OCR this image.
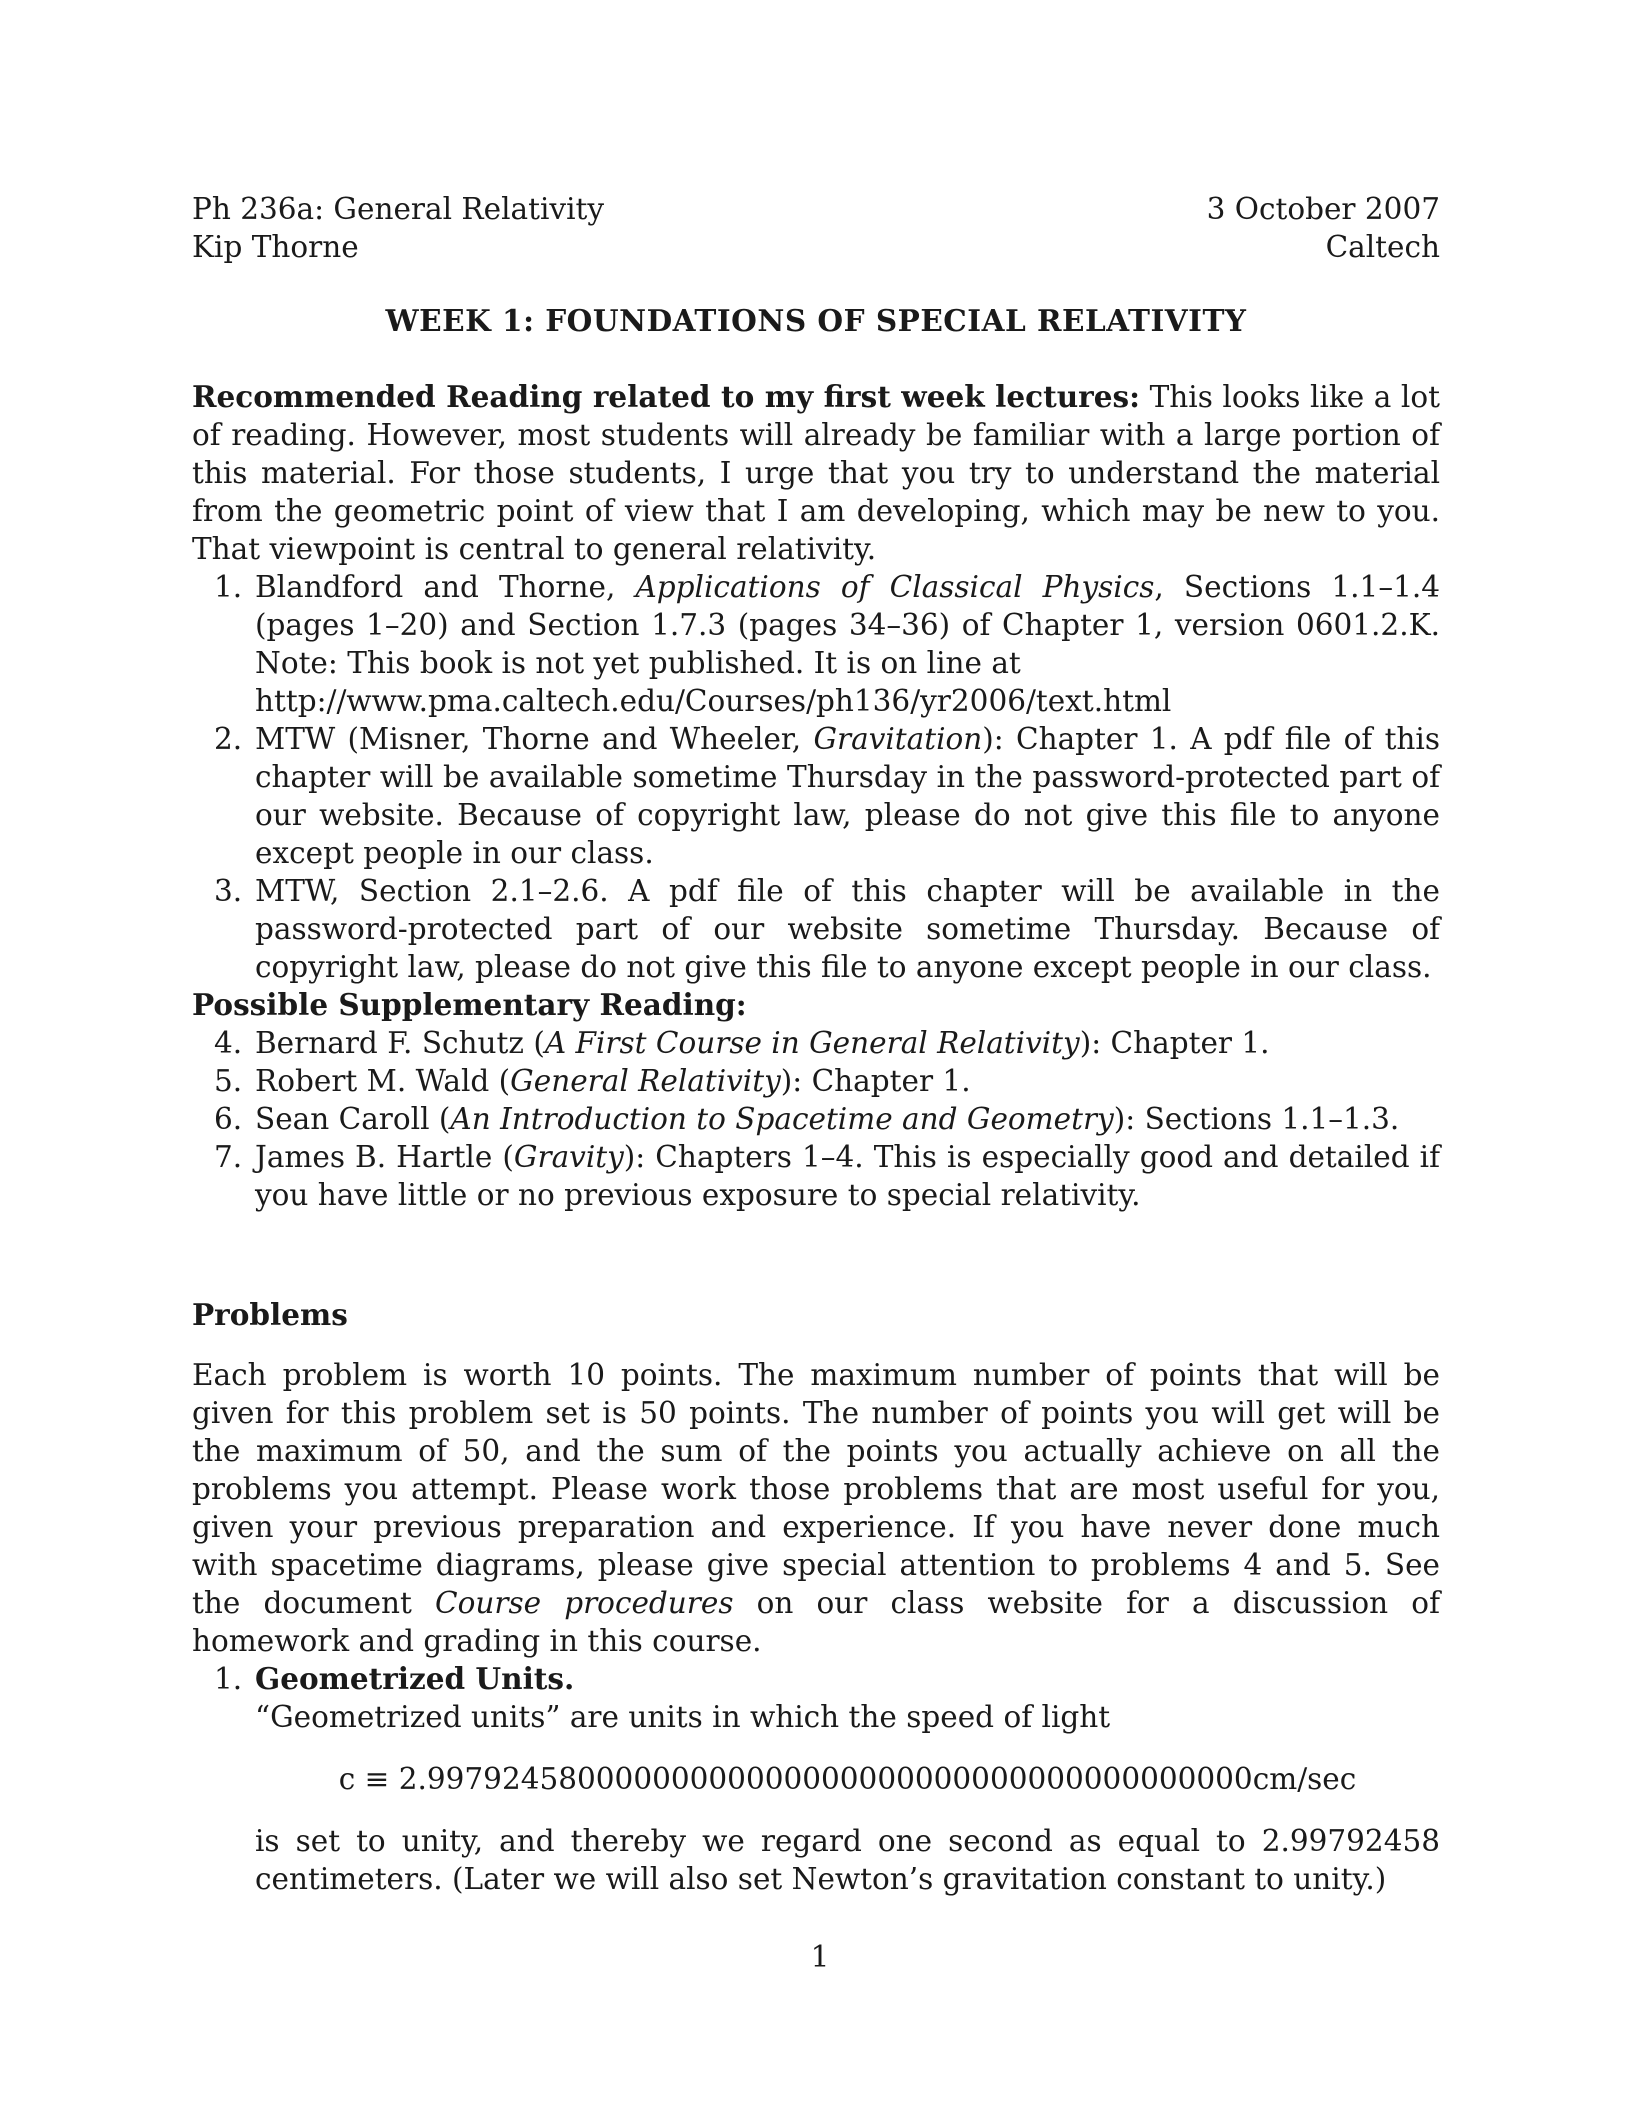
Ph 236a: General Relativity
Kip Thorne
3 October 2007
Caltech
WEEK 1: FOUNDATIONS OF SPECIAL RELATIVITY
Recommended Reading related to my first week lectures: This looks like a lot of reading. However, most students will already be familiar with a large portion of this material. For those students, I urge that you try to understand the material from the geometric point of view that I am developing, which may be new to you. That viewpoint is central to general relativity.
1. Blandford and Thorne, Applications of Classical Physics, Sections 1.1–1.4 (pages 1–20) and Section 1.7.3 (pages 34–36) of Chapter 1, version 0601.2.K. Note: This book is not yet published. It is on line at
http://www.pma.caltech.edu/Courses/ph136/yr2006/text.html
2. MTW (Misner, Thorne and Wheeler, Gravitation): Chapter 1. A pdf file of this chapter will be available sometime Thursday in the password-protected part of our website. Because of copyright law, please do not give this file to anyone except people in our class.
3. MTW, Section 2.1–2.6. A pdf file of this chapter will be available in the password-protected part of our website sometime Thursday. Because of copyright law, please do not give this file to anyone except people in our class.
Possible Supplementary Reading:
4. Bernard F. Schutz (A First Course in General Relativity): Chapter 1.
5. Robert M. Wald (General Relativity): Chapter 1.
6. Sean Caroll (An Introduction to Spacetime and Geometry): Sections 1.1–1.3.
7. James B. Hartle (Gravity): Chapters 1–4. This is especially good and detailed if you have little or no previous exposure to special relativity.
Problems
Each problem is worth 10 points. The maximum number of points that will be given for this problem set is 50 points. The number of points you will get will be the maximum of 50, and the sum of the points you actually achieve on all the problems you attempt. Please work those problems that are most useful for you, given your previous preparation and experience. If you have never done much with spacetime diagrams, please give special attention to problems 4 and 5. See the document Course procedures on our class website for a discussion of homework and grading in this course.
1. Geometrized Units.
“Geometrized units” are units in which the speed of light
c ≡ 2.99792458000000000000000000000000000000000000cm/sec
is set to unity, and thereby we regard one second as equal to 2.99792458 centimeters. (Later we will also set Newton’s gravitation constant to unity.)
1
